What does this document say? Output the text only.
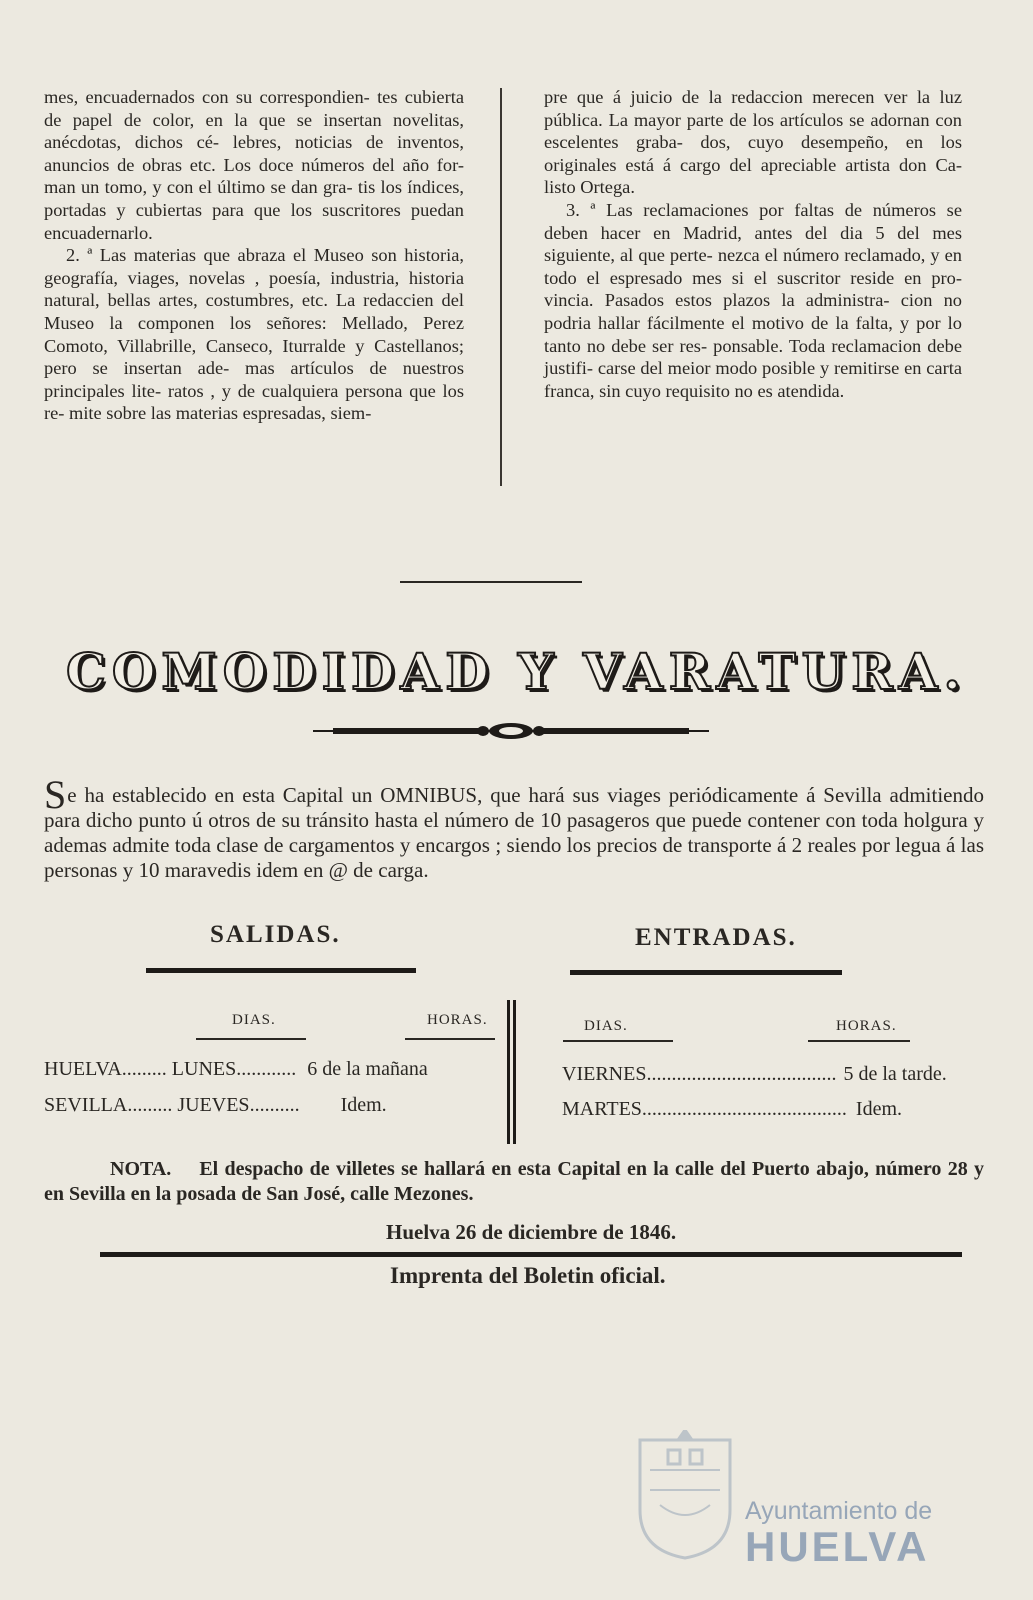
mes, encuadernados con su correspondien- tes cubierta de papel de color, en la que se insertan novelitas, anécdotas, dichos cé- lebres, noticias de inventos, anuncios de obras etc. Los doce números del año for- man un tomo, y con el último se dan gra- tis los índices, portadas y cubiertas para que los suscritores puedan encuadernarlo.

2. ª Las materias que abraza el Museo son historia, geografía, viages, novelas , poesía, industria, historia natural, bellas artes, costumbres, etc. La redaccien del Museo la componen los señores: Mellado, Perez Comoto, Villabrille, Canseco, Iturralde y Castellanos; pero se insertan ade- mas artículos de nuestros principales lite- ratos , y de cualquiera persona que los re- mite sobre las materias espresadas, siem-

pre que á juicio de la redaccion merecen ver la luz pública. La mayor parte de los artículos se adornan con escelentes graba- dos, cuyo desempeño, en los originales está á cargo del apreciable artista don Ca- listo Ortega.

3. ª Las reclamaciones por faltas de números se deben hacer en Madrid, antes del dia 5 del mes siguiente, al que perte- nezca el número reclamado, y en todo el espresado mes si el suscritor reside en pro- vincia. Pasados estos plazos la administra- cion no podria hallar fácilmente el motivo de la falta, y por lo tanto no debe ser res- ponsable. Toda reclamacion debe justifi- carse del meior modo posible y remitirse en carta franca, sin cuyo requisito no es atendida.

COMODIDAD Y VARATURA.
Se ha establecido en esta Capital un OMNIBUS, que hará sus viages periódicamente á Sevilla admitiendo para dicho punto ú otros de su tránsito hasta el número de 10 pasageros que puede contener con toda holgura y ademas admite toda clase de cargamentos y encargos ; siendo los precios de transporte á 2 reales por legua á las personas y 10 maravedis idem en @ de carga.
SALIDAS.
DIAS.	HORAS.
HUELVA......... LUNES............ 6 de la mañana
SEVILLA......... JUEVES.......... Idem.
ENTRADAS.
DIAS.	HORAS.
VIERNES...................................... 5 de la tarde.
MARTES......................................... Idem.
NOTA. El despacho de villetes se hallará en esta Capital en la calle del Puerto abajo, número 28 y en Sevilla en la posada de San José, calle Mezones.
Huelva 26 de diciembre de 1846.
Imprenta del Boletin oficial.
Ayuntamiento de
HUELVA
